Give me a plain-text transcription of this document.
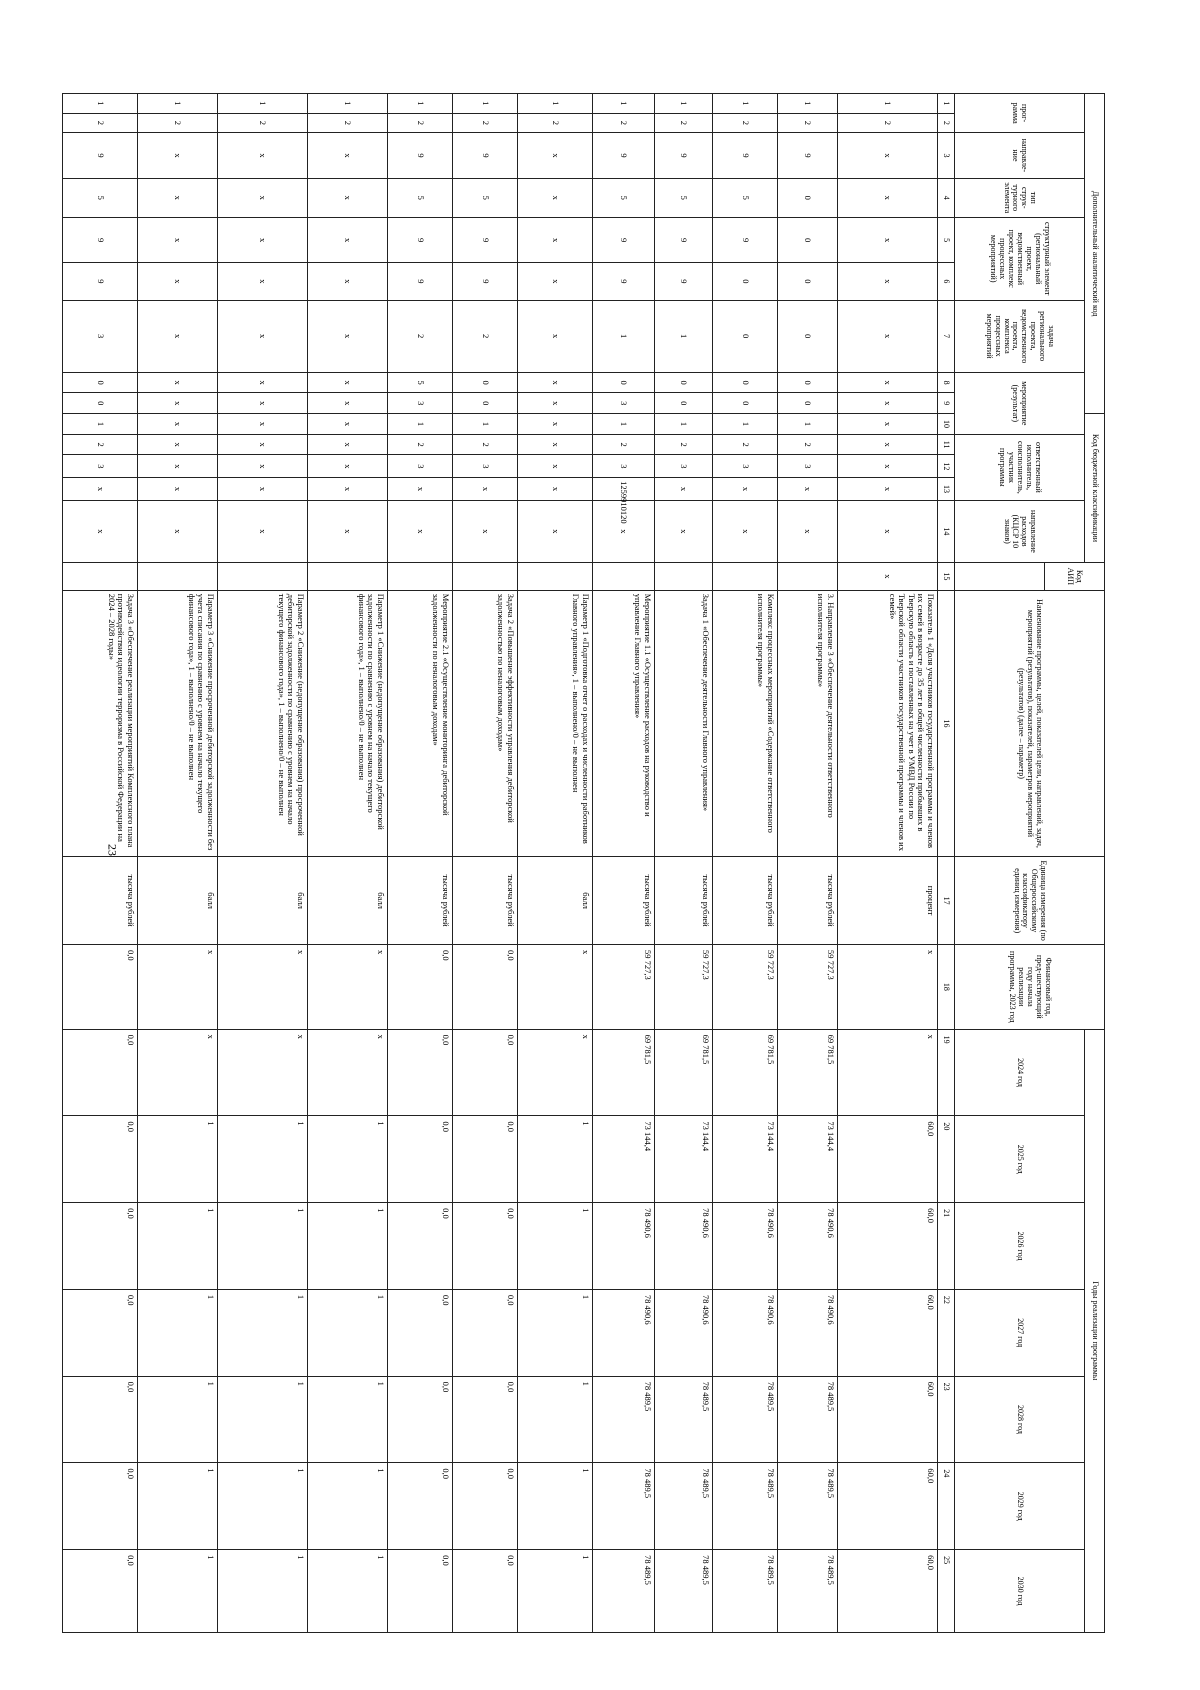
23
Дополнительный аналитический код									Код бюджетной классификации					Код АИП	Наименование программы, целей, показателей цели, направлений, задач, мероприятий (результатов), показателей, параметров мероприятий (результатов) (далее – параметр)	Единица измерения (по Общероссийскому классификатору единиц измерения)	Финансовый год, пред-шествующий году начала реализации программы, 2023 год	Годы реализации программы						
прог-рамма		направле-ние	тип струк-турного элемента	структурный элемент (региональный проект, ведомственный проект, комплекс процессных мероприятий)		задача регионального проекта, ведомственного проекта, комплекса процессных мероприятий	мероприятие (результат)			ответственный исполнитель, соисполнитель, участник программы			направление расходов (КЦСР 10 знаков)					2024 год	2025 год	2026 год	2027 год	2028 год	2029 год	2030 год

1	2	3	4	5	6	7	8	9	10	11	12	13	14	15	16	17	18	19	20	21	22	23	24	25
1	2	x	x	x	x	x	x	x	x	x	x	x	x	x	Показатель 1 «Доля участников государственной программы и членов их семей в возрасте до 35 лет в общей численности прибывших в Тверскую область и поставленных на учет в УМВД России по Тверской области участников государственной программы и членов их семей»	процент	x	x	60,0	60,0	60,0	60,0	60,0	60,0
1	2	9	0	0	0	0	0	0	1	2	3	x	x		3. Направление 3 «Обеспечение деятельности ответственного исполнителя программы»	тысяча рублей	59 727,3	69 781,5	73 144,4	78 490,6	78 490,6	78 489,5	78 489,5	78 489,5
1	2	9	5	9	0	0	0	0	1	2	3	x	x		Комплекс процессных мероприятий «Содержание ответственного исполнителя программы»	тысяча рублей	59 727,3	69 781,5	73 144,4	78 490,6	78 490,6	78 489,5	78 489,5	78 489,5
1	2	9	5	9	9	1	0	0	1	2	3	x	x		Задача 1 «Обеспечение деятельности Главного управления»	тысяча рублей	59 727,3	69 781,5	73 144,4	78 490,6	78 490,6	78 489,5	78 489,5	78 489,5
1	2	9	5	9	9	1	0	3	1	2	3	1259910120	x		Мероприятие 1.1 «Осуществление расходов на руководство и управление Главного управления»	тысяча рублей	59 727,3	69 781,5	73 144,4	78 490,6	78 490,6	78 489,5	78 489,5	78 489,5
1	2	x	x	x	x	x	x	x	x	x	x	x	x		Параметр 1 «Подготовка отчет о расходах и численности работников Главного управления», 1 – выполнено/0 – не выполнен	балл	x	x	1	1	1	1	1	1
1	2	9	5	9	9	2	0	0	1	2	3	x	x		Задача 2 «Повышение эффективности управления дебиторской задолженностью по неналоговым доходам»	тысяча рублей	0,0	0,0	0,0	0,0	0,0	0,0	0,0	0,0
1	2	9	5	9	9	2	5	3	1	2	3	x	x		Мероприятие 2.1 «Осуществление мониторинга дебиторской задолженности по неналоговым доходам»	тысяча рублей	0,0	0,0	0,0	0,0	0,0	0,0	0,0	0,0
1	2	x	x	x	x	x	x	x	x	x	x	x	x		Параметр 1 «Снижение (недопущение образования) дебиторской задолженности по сравнению с уровнем на начало текущего финансового года», 1 – выполнено/0 – не выполнен	балл	x	x	1	1	1	1	1	1
1	2	x	x	x	x	x	x	x	x	x	x	x	x		Параметр 2 «Снижение (недопущение образования) просроченной дебиторской задолженности по сравнению с уровнем на начало текущего финансового года», 1 – выполнено/0 – не выполнен	балл	x	x	1	1	1	1	1	1
1	2	x	x	x	x	x	x	x	x	x	x	x	x		Параметр 3 «Снижение просроченной дебиторской задолженности без учета списания по сравнению с уровнем на начало текущего финансового года», 1 – выполнено/0 – не выполнен	балл	x	x	1	1	1	1	1	1
1	2	9	5	9	9	3	0	0	1	2	3	x	x		Задача 3 «Обеспечение реализации мероприятий Комплексного плана противодействия идеологии терроризма в Российской Федерации на 2024 – 2028 годы»	тысяча рублей	0,0	0,0	0,0	0,0	0,0	0,0	0,0	0,0
